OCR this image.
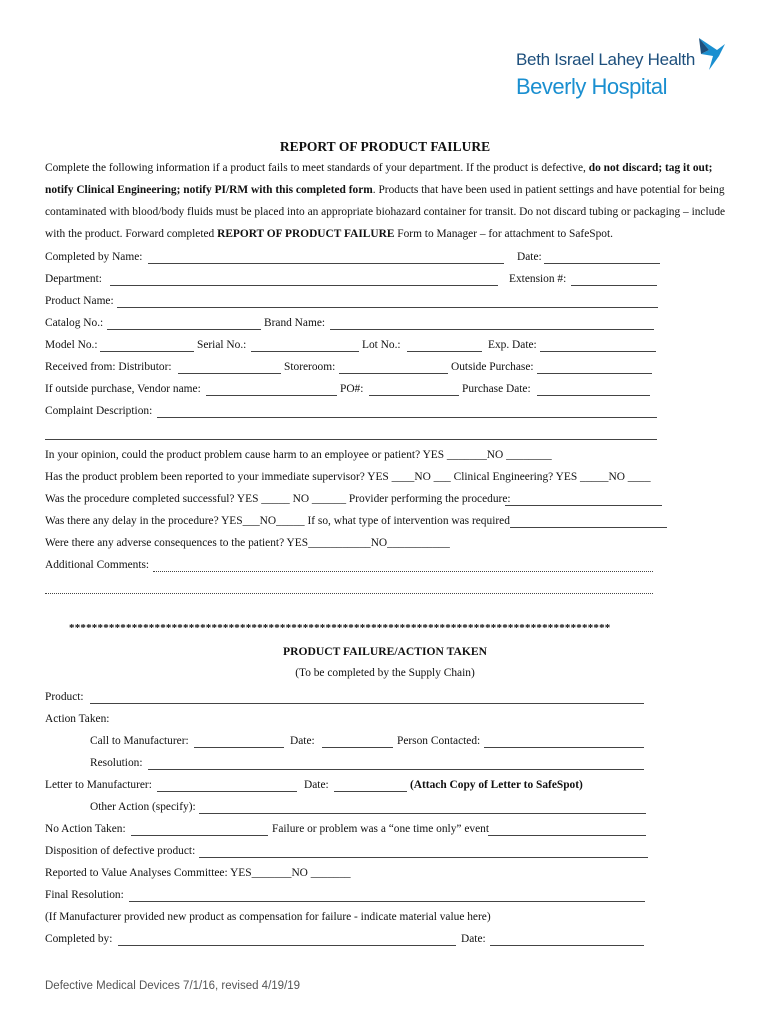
Beth Israel Lahey Health
Beverly Hospital
REPORT OF PRODUCT FAILURE
Complete the following information if a product fails to meet standards of your department. If the product is defective, do not discard; tag it out; notify Clinical Engineering; notify PI/RM with this completed form. Products that have been used in patient settings and have potential for being contaminated with blood/body fluids must be placed into an appropriate biohazard container for transit. Do not discard tubing or packaging – include with the product. Forward completed REPORT OF PRODUCT FAILURE Form to Manager – for attachment to SafeSpot.
Completed by Name:	Date:
Department:	Extension #:
Product Name:
Catalog No.:	Brand Name:
Model No.:	Serial No.:	Lot No.:	Exp. Date:
Received from: Distributor:	Storeroom:	Outside Purchase:
If outside purchase, Vendor name:	PO#:	Purchase Date:
Complaint Description:
In your opinion, could the product problem cause harm to an employee or patient? YES _______NO ________
Has the product problem been reported to your immediate supervisor? YES ____NO ___ Clinical Engineering? YES _____NO ____
Was the procedure completed successful? YES _____ NO ______ Provider performing the procedure:
Was there any delay in the procedure? YES___NO_____ If so, what type of intervention was required
Were there any adverse consequences to the patient? YES___________NO___________
Additional Comments:
***********************************************************************************************
PRODUCT FAILURE/ACTION TAKEN
(To be completed by the Supply Chain)
Product:
Action Taken:
Call to Manufacturer:	Date:	Person Contacted:
Resolution:
Letter to Manufacturer:	Date:	(Attach Copy of Letter to SafeSpot)
Other Action (specify):
No Action Taken:	Failure or problem was a “one time only” event
Disposition of defective product:
Reported to Value Analyses Committee: YES_______NO _______
Final Resolution:
(If Manufacturer provided new product as compensation for failure - indicate material value here)
Completed by:	Date:
Defective Medical Devices 7/1/16, revised 4/19/19
